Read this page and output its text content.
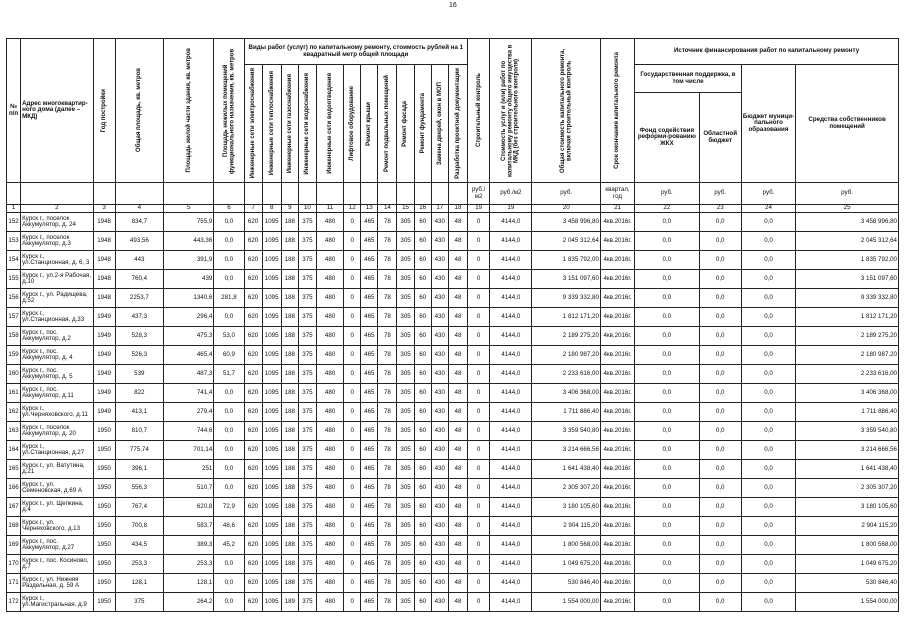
16
№ п/п	Адрес многоквартир-ного дома (далее – МКД)	Год постройки	Общая площадь, кв. метров	Площадь жилой части здания, кв. метров	Площадь нежилых помещений функционального назначения, кв. метров	Виды работ (услуг) по капитальному ремонту, стоимость рублей на 1 квадратный метр общей площади												Строительный контроль	Стоимость услуг и (или) работ по капитальному ремонту общего имущества в МКД (без строительного контроля)	Общая стоимость капитального ремонта, включая строительный контроль	Срок окончания капитального ремонта	Источник финансирования работ по капитальному ремонту			

						Инженерные сети электроснабжения	Инженерные сети теплоснабжения	Инженерные сети газоснабжения	Инженерные сети водоснабжения	Инженерные сети водоотведения	Лифтовое оборудование	Ремонт крыши	Ремонт подвальных помещений	Ремонт фасада	Ремонт фундамента	Замена дверей, окон в МОП	Разработка проектной документации					Государственная поддержка, в том числе		Бюджет муници-пального образования	Средства собственников помещений
																						Фонд содействия реформи-рованию ЖКХ	Областной бюджет		
																		руб./ м2	руб./м2	руб.	квартал, год	руб.	руб.	руб.	руб.
1	2	3	4	5	6	7	8	9	10	11	12	13	14	15	16	17	18	19	19	20	21	22	23	24	25
152	Курск г., поселок Аккумулятор, д. 24	1948	834,7	755,9	0,0	620	1095	188	375	480	0	465	78	305	60	430	48	0	4144,0	3 458 996,80	4кв.2016г.	0,0	0,0	0,0	3 458 996,80
153	Курск г., поселок Аккумулятор, д.3	1948	493,56	443,36	0,0	620	1095	188	375	480	0	465	78	305	60	430	48	0	4144,0	2 045 312,64	4кв.2016г.	0,0	0,0	0,0	2 045 312,64
154	Курск г., ул.Станционная, д. 6, 3	1948	443	391,9	0,0	620	1095	188	375	480	0	465	78	305	60	430	48	0	4144,0	1 835 792,00	4кв.2016г.	0,0	0,0	0,0	1 835 792,00
155	Курск г., ул.2-я Рабочая, д.10	1948	760,4	439	0,0	620	1095	188	375	480	0	465	78	305	60	430	48	0	4144,0	3 151 097,60	4кв.2016г.	0,0	0,0	0,0	3 151 097,60
156	Курск г., ул. Радищева, д.52	1948	2253,7	1340,6	281,8	620	1095	188	375	480	0	465	78	305	60	430	48	0	4144,0	9 339 332,80	4кв.2016г.	0,0	0,0	0,0	9 339 332,80
157	Курск г., ул.Станционная, д.33	1949	437,3	296,4	0,0	620	1095	188	375	480	0	465	78	305	60	430	48	0	4144,0	1 812 171,20	4кв.2016г.	0,0	0,0	0,0	1 812 171,20
158	Курск г., пос. Аккумулятор, д.2	1949	528,3	475,3	53,0	620	1095	188	375	480	0	465	78	305	60	430	48	0	4144,0	2 189 275,20	4кв.2016г.	0,0	0,0	0,0	2 189 275,20
159	Курск г., пос. Аккумулятор, д. 4	1949	526,3	465,4	60,9	620	1095	188	375	480	0	465	78	305	60	430	48	0	4144,0	2 180 987,20	4кв.2016г.	0,0	0,0	0,0	2 180 987,20
160	Курск г., пос. Аккумулятор, д. 5	1949	539	487,3	51,7	620	1095	188	375	480	0	465	78	305	60	430	48	0	4144,0	2 233 616,00	4кв.2016г.	0,0	0,0	0,0	2 233 616,00
161	Курск г., пос. Аккумулятор, д.11	1949	822	741,4	0,0	620	1095	188	375	480	0	465	78	305	60	430	48	0	4144,0	3 406 368,00	4кв.2016г.	0,0	0,0	0,0	3 406 368,00
162	Курск г., ул.Черняховского, д.11	1949	413,1	279,4	0,0	620	1095	188	375	480	0	465	78	305	60	430	48	0	4144,0	1 711 886,40	4кв.2016г.	0,0	0,0	0,0	1 711 886,40
163	Курск г., поселок Аккумулятор, д. 20	1950	810,7	744,6	0,0	620	1095	188	375	480	0	465	78	305	60	430	48	0	4144,0	3 359 540,80	4кв.2016г.	0,0	0,0	0,0	3 359 540,80
164	Курск г., ул.Станционная, д.27	1950	775,74	701,14	0,0	620	1095	188	375	480	0	465	78	305	60	430	48	0	4144,0	3 214 666,56	4кв.2016г.	0,0	0,0	0,0	3 214 666,56
165	Курск г., ул. Ватутина, д.21	1950	396,1	251	0,0	620	1095	188	375	480	0	465	78	305	60	430	48	0	4144,0	1 641 438,40	4кв.2016г.	0,0	0,0	0,0	1 641 438,40
166	Курск г., ул. Семеновская, д.69 А	1950	556,3	510,7	0,0	620	1095	188	375	480	0	465	78	305	60	430	48	0	4144,0	2 305 307,20	4кв.2016г.	0,0	0,0	0,0	2 305 307,20
167	Курск г., ул. Щепкина, д.4	1950	767,4	620,8	72,9	620	1095	188	375	480	0	465	78	305	60	430	48	0	4144,0	3 180 105,60	4кв.2016г.	0,0	0,0	0,0	3 180 105,60
168	Курск г., ул. Черняховского, д.13	1950	700,8	583,7	48,6	620	1095	188	375	480	0	465	78	305	60	430	48	0	4144,0	2 904 115,20	4кв.2016г.	0,0	0,0	0,0	2 904 115,20
169	Курск г., пос. Аккумулятор, д.27	1950	434,5	389,3	45,2	620	1095	188	375	480	0	465	78	305	60	430	48	0	4144,0	1 800 568,00	4кв.2016г.	0,0	0,0	0,0	1 800 568,00
170	Курск г., пос. Косиново, д.7	1950	253,3	253,3	0,0	620	1095	188	375	480	0	465	78	305	60	430	48	0	4144,0	1 049 675,20	4кв.2016г.	0,0	0,0	0,0	1 049 675,20
171	Курск г., ул. Нижняя Раздельная, д. 59 А	1950	128,1	128,1	0,0	620	1095	188	375	480	0	465	78	305	60	430	48	0	4144,0	530 846,40	4кв.2016г.	0,0	0,0	0,0	530 846,40
172	Курск г., ул.Магистральная, д.9	1950	375	264,2	0,0	620	1095	189	375	480	0	465	78	305	60	430	48	0	4144,0	1 554 000,00	4кв.2016г.	0,0	0,0	0,0	1 554 000,00
